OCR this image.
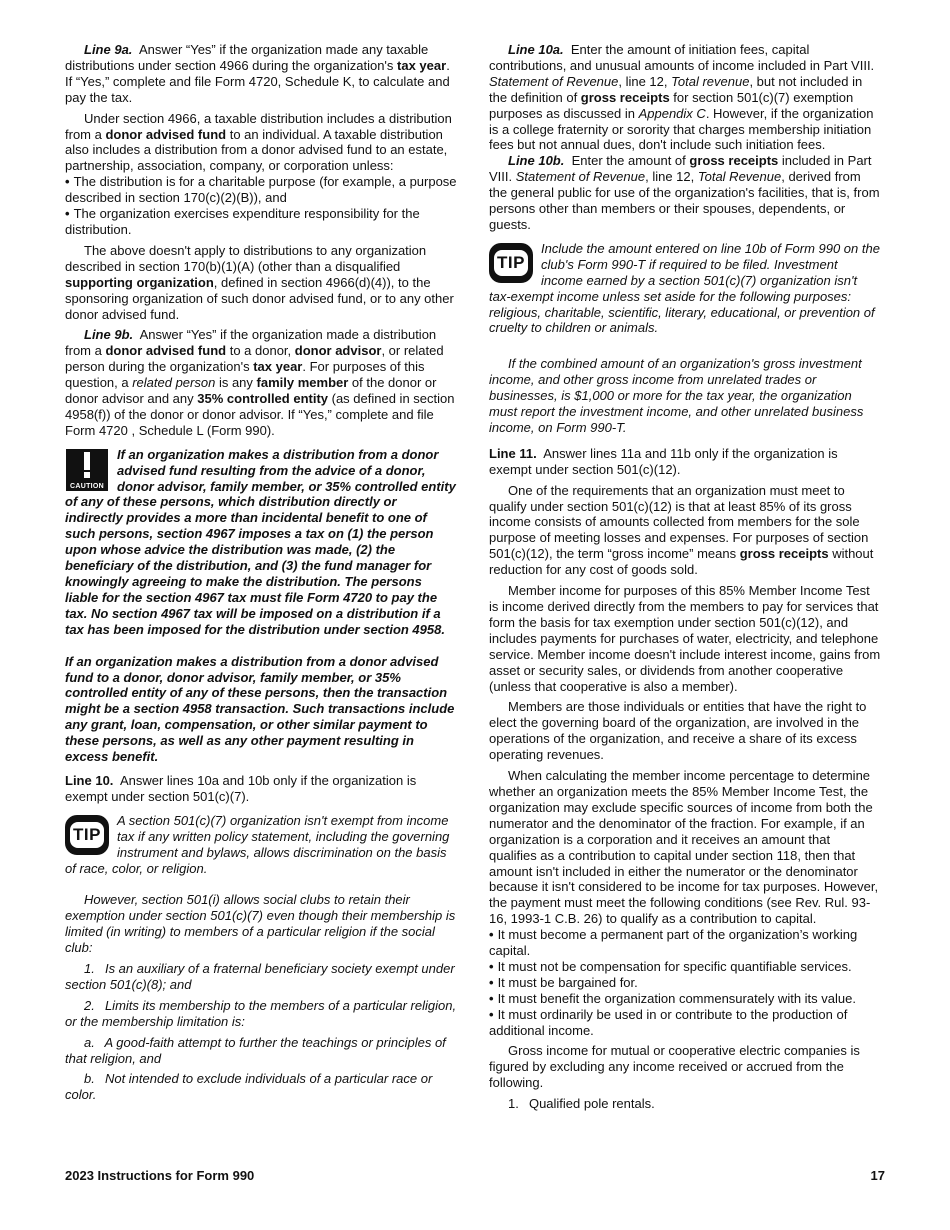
Line 9a. Answer “Yes” if the organization made any taxable distributions under section 4966 during the organization's tax year. If “Yes,” complete and file Form 4720, Schedule K, to calculate and pay the tax.

Under section 4966, a taxable distribution includes a distribution from a donor advised fund to an individual. A taxable distribution also includes a distribution from a donor advised fund to an estate, partnership, association, company, or corporation unless:

• The distribution is for a charitable purpose (for example, a purpose described in section 170(c)(2)(B)), and

• The organization exercises expenditure responsibility for the distribution.

The above doesn't apply to distributions to any organization described in section 170(b)(1)(A) (other than a disqualified supporting organization, defined in section 4966(d)(4)), to the sponsoring organization of such donor advised fund, or to any other donor advised fund.

Line 9b. Answer “Yes” if the organization made a distribution from a donor advised fund to a donor, donor advisor, or related person during the organization's tax year. For purposes of this question, a related person is any family member of the donor or donor advisor and any 35% controlled entity (as defined in section 4958(f)) of the donor or donor advisor. If “Yes,” complete and file Form 4720 , Schedule L (Form 990).

CAUTION

If an organization makes a distribution from a donor advised fund resulting from the advice of a donor, donor advisor, family member, or 35% controlled entity of any of these persons, which distribution directly or indirectly provides a more than incidental benefit to one of such persons, section 4967 imposes a tax on (1) the person upon whose advice the distribution was made, (2) the beneficiary of the distribution, and (3) the fund manager for knowingly agreeing to make the distribution. The persons liable for the section 4967 tax must file Form 4720 to pay the tax. No section 4967 tax will be imposed on a distribution if a tax has been imposed for the distribution under section 4958.

If an organization makes a distribution from a donor advised fund to a donor, donor advisor, family member, or 35% controlled entity of any of these persons, then the transaction might be a section 4958 transaction. Such transactions include any grant, loan, compensation, or other similar payment to these persons, as well as any other payment resulting in excess benefit.

Line 10. Answer lines 10a and 10b only if the organization is exempt under section 501(c)(7).

TIP

A section 501(c)(7) organization isn't exempt from income tax if any written policy statement, including the governing instrument and bylaws, allows discrimination on the basis of race, color, or religion.

However, section 501(i) allows social clubs to retain their exemption under section 501(c)(7) even though their membership is limited (in writing) to members of a particular religion if the social club:

1.  Is an auxiliary of a fraternal beneficiary society exempt under section 501(c)(8); and

2.  Limits its membership to the members of a particular religion, or the membership limitation is:

a.  A good-faith attempt to further the teachings or principles of that religion, and

b.  Not intended to exclude individuals of a particular race or color.

Line 10a. Enter the amount of initiation fees, capital contributions, and unusual amounts of income included in Part VIII. Statement of Revenue, line 12, Total revenue, but not included in the definition of gross receipts for section 501(c)(7) exemption purposes as discussed in Appendix C. However, if the organization is a college fraternity or sorority that charges membership initiation fees but not annual dues, don't include such initiation fees.

Line 10b. Enter the amount of gross receipts included in Part VIII. Statement of Revenue, line 12, Total Revenue, derived from the general public for use of the organization's facilities, that is, from persons other than members or their spouses, dependents, or guests.

TIP

Include the amount entered on line 10b of Form 990 on the club's Form 990-T if required to be filed. Investment income earned by a section 501(c)(7) organization isn't tax-exempt income unless set aside for the following purposes: religious, charitable, scientific, literary, educational, or prevention of cruelty to children or animals.

If the combined amount of an organization's gross investment income, and other gross income from unrelated trades or businesses, is $1,000 or more for the tax year, the organization must report the investment income, and other unrelated business income, on Form 990-T.

Line 11. Answer lines 11a and 11b only if the organization is exempt under section 501(c)(12).

One of the requirements that an organization must meet to qualify under section 501(c)(12) is that at least 85% of its gross income consists of amounts collected from members for the sole purpose of meeting losses and expenses. For purposes of section 501(c)(12), the term “gross income” means gross receipts without reduction for any cost of goods sold.

Member income for purposes of this 85% Member Income Test is income derived directly from the members to pay for services that form the basis for tax exemption under section 501(c)(12), and includes payments for purchases of water, electricity, and telephone service. Member income doesn't include interest income, gains from asset or security sales, or dividends from another cooperative (unless that cooperative is also a member).

Members are those individuals or entities that have the right to elect the governing board of the organization, are involved in the operations of the organization, and receive a share of its excess operating revenues.

When calculating the member income percentage to determine whether an organization meets the 85% Member Income Test, the organization may exclude specific sources of income from both the numerator and the denominator of the fraction. For example, if an organization is a corporation and it receives an amount that qualifies as a contribution to capital under section 118, then that amount isn't included in either the numerator or the denominator because it isn't considered to be income for tax purposes. However, the payment must meet the following conditions (see Rev. Rul. 93-16, 1993-1 C.B. 26) to qualify as a contribution to capital.

• It must become a permanent part of the organization’s working capital.

• It must not be compensation for specific quantifiable services.

• It must be bargained for.

• It must benefit the organization commensurately with its value.

• It must ordinarily be used in or contribute to the production of additional income.

Gross income for mutual or cooperative electric companies is figured by excluding any income received or accrued from the following.

1.  Qualified pole rentals.

2023 Instructions for Form 990	17
